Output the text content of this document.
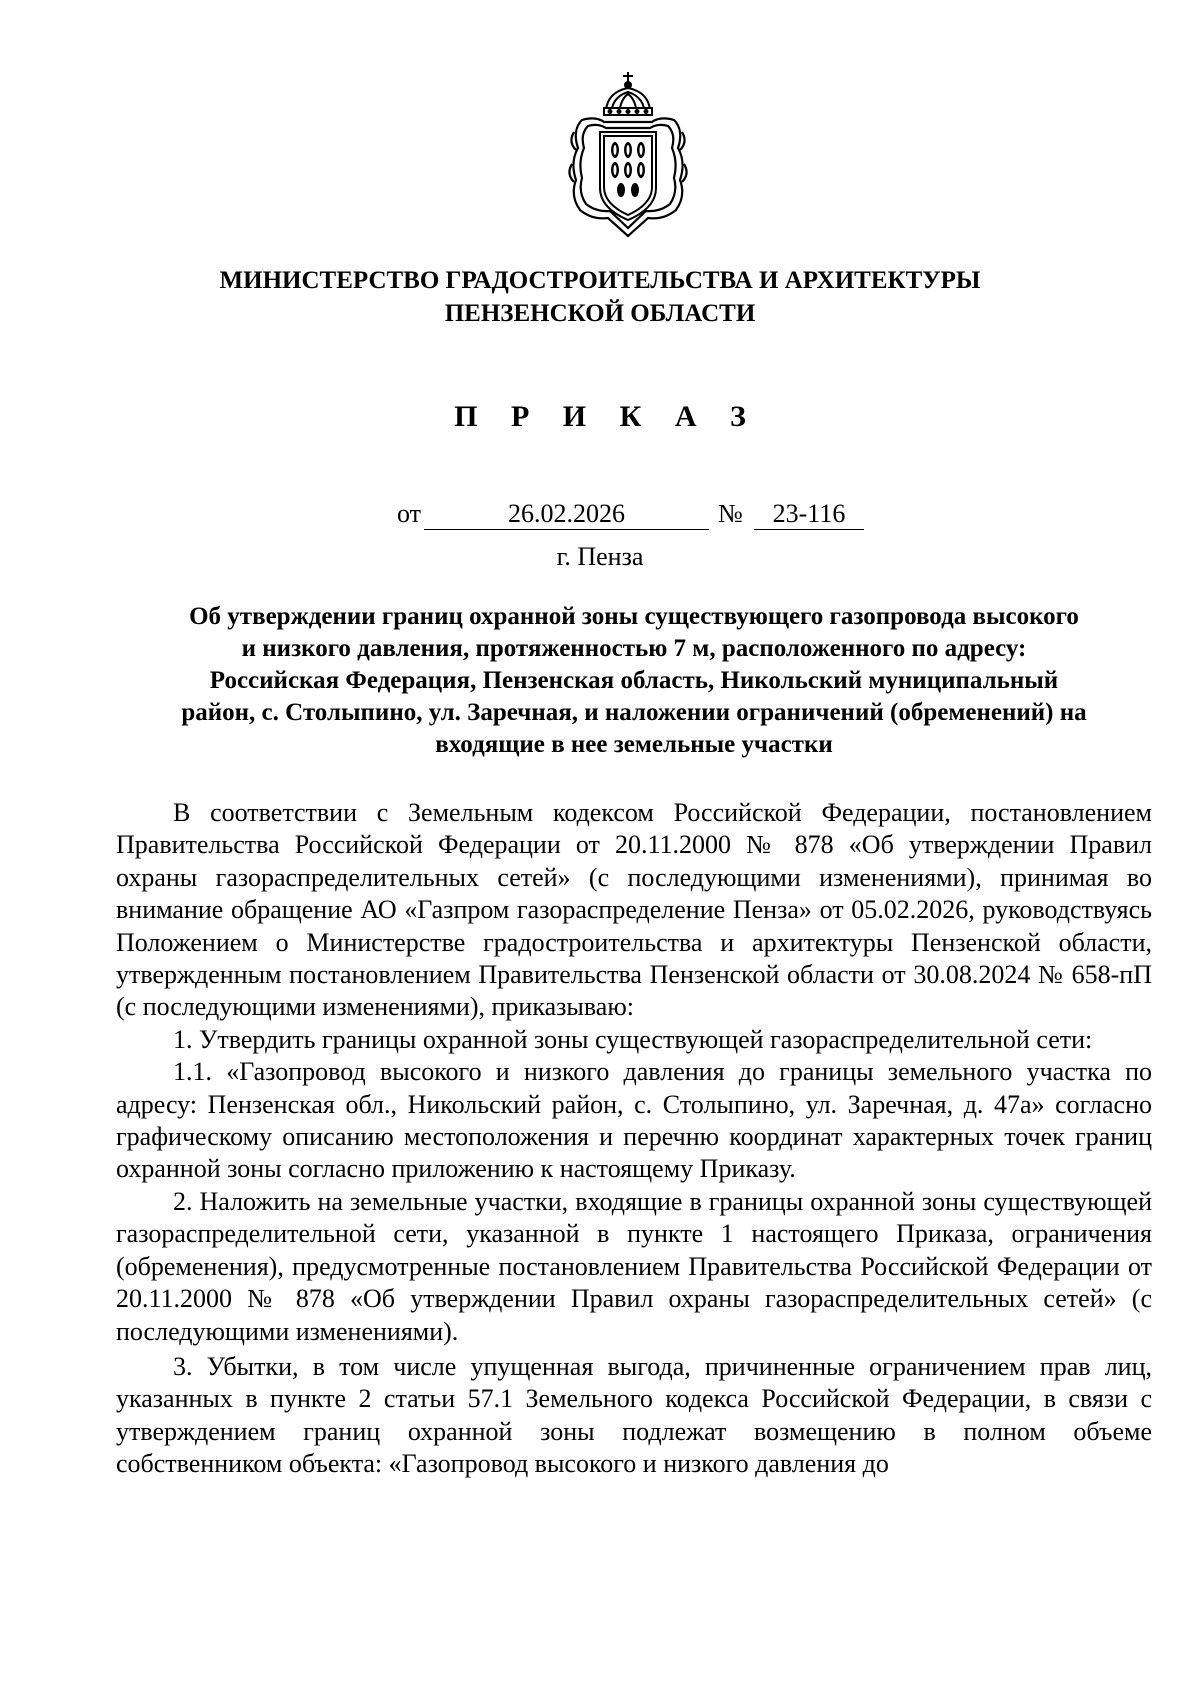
МИНИСТЕРСТВО ГРАДОСТРОИТЕЛЬСТВА И АРХИТЕКТУРЫ
ПЕНЗЕНСКОЙ ОБЛАСТИ
П Р И К А З
от	26.02.2026	№	23-116
г. Пенза
Об утверждении границ охранной зоны существующего газопровода высокого
и низкого давления, протяженностью 7 м, расположенного по адресу:
Российская Федерация, Пензенская область, Никольский муниципальный
район, с. Столыпино, ул. Заречная, и наложении ограничений (обременений) на
входящие в нее земельные участки

В соответствии с Земельным кодексом Российской Федерации, постановлением Правительства Российской Федерации от 20.11.2000 № 878 «Об утверждении Правил охраны газораспределительных сетей» (с последующими изменениями), принимая во внимание обращение АО «Газпром газораспределение Пенза» от 05.02.2026, руководствуясь Положением о Министерстве градостроительства и архитектуры Пензенской области, утвержденным постановлением Правительства Пензенской области от 30.08.2024 № 658-пП (с последующими изменениями), приказываю:

1. Утвердить границы охранной зоны существующей газораспределительной сети:

1.1. «Газопровод высокого и низкого давления до границы земельного участка по адресу: Пензенская обл., Никольский район, с. Столыпино, ул. Заречная, д. 47а» согласно графическому описанию местоположения и перечню координат характерных точек границ охранной зоны согласно приложению к настоящему Приказу.

2. Наложить на земельные участки, входящие в границы охранной зоны существующей газораспределительной сети, указанной в пункте 1 настоящего Приказа, ограничения (обременения), предусмотренные постановлением Правительства Российской Федерации от 20.11.2000 № 878 «Об утверждении Правил охраны газораспределительных сетей» (с последующими изменениями).

3. Убытки, в том числе упущенная выгода, причиненные ограничением прав лиц, указанных в пункте 2 статьи 57.1 Земельного кодекса Российской Федерации, в связи с утверждением границ охранной зоны подлежат возмещению в полном объеме собственником объекта: «Газопровод высокого и низкого давления до
